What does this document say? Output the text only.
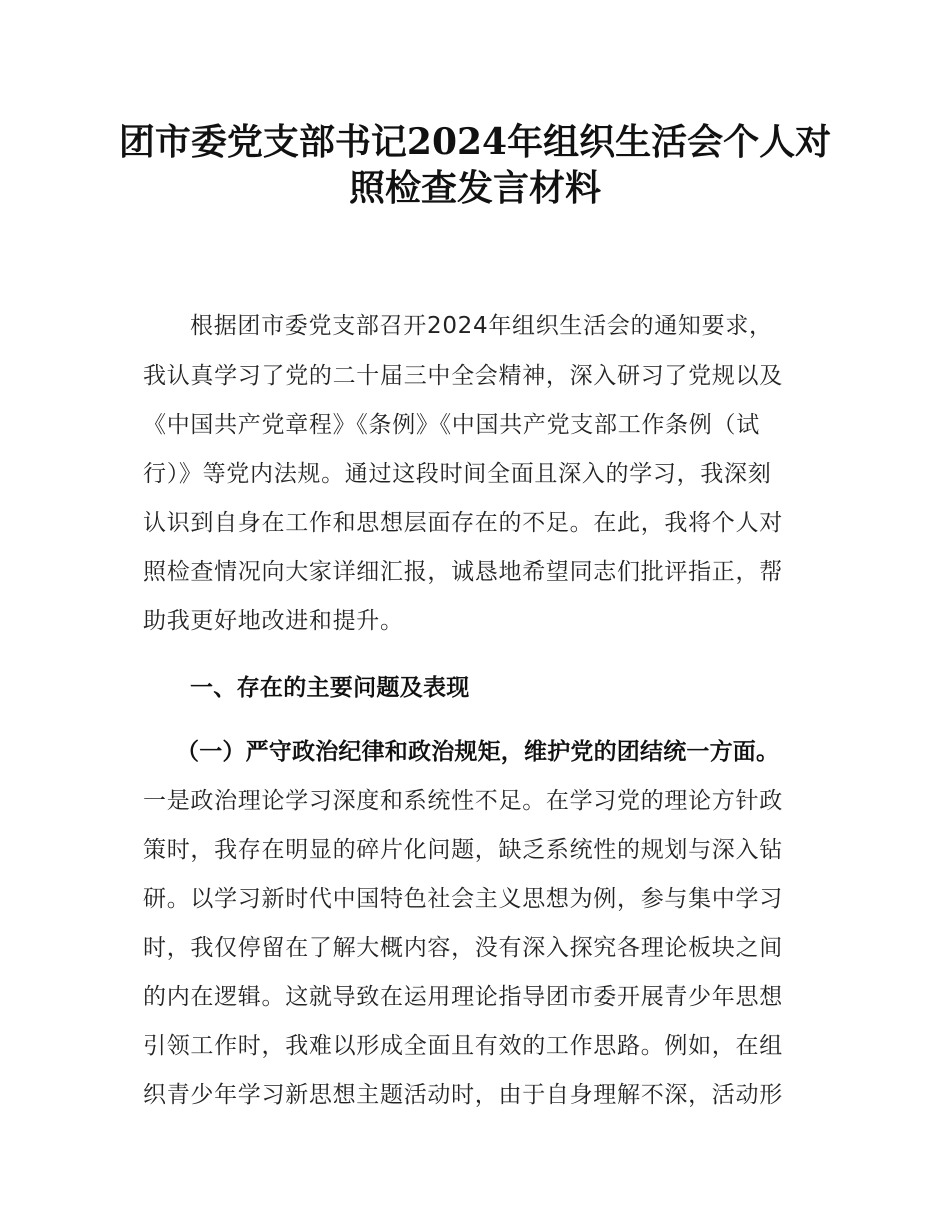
团市委党支部书记2024年组织生活会个人对
照检查发言材料
根据团市委党支部召开2024年组织生活会的通知要求，
我认真学习了党的二十届三中全会精神，深入研习了党规以及
《中国共产党章程》《条例》《中国共产党支部工作条例（试
行）》等党内法规。通过这段时间全面且深入的学习，我深刻
认识到自身在工作和思想层面存在的不足。在此，我将个人对
照检查情况向大家详细汇报，诚恳地希望同志们批评指正，帮
助我更好地改进和提升。
一、存在的主要问题及表现
（一）严守政治纪律和政治规矩，维护党的团结统一方面。
一是政治理论学习深度和系统性不足。在学习党的理论方针政
策时，我存在明显的碎片化问题，缺乏系统性的规划与深入钻
研。以学习新时代中国特色社会主义思想为例，参与集中学习
时，我仅停留在了解大概内容，没有深入探究各理论板块之间
的内在逻辑。这就导致在运用理论指导团市委开展青少年思想
引领工作时，我难以形成全面且有效的工作思路。例如，在组
织青少年学习新思想主题活动时，由于自身理解不深，活动形
